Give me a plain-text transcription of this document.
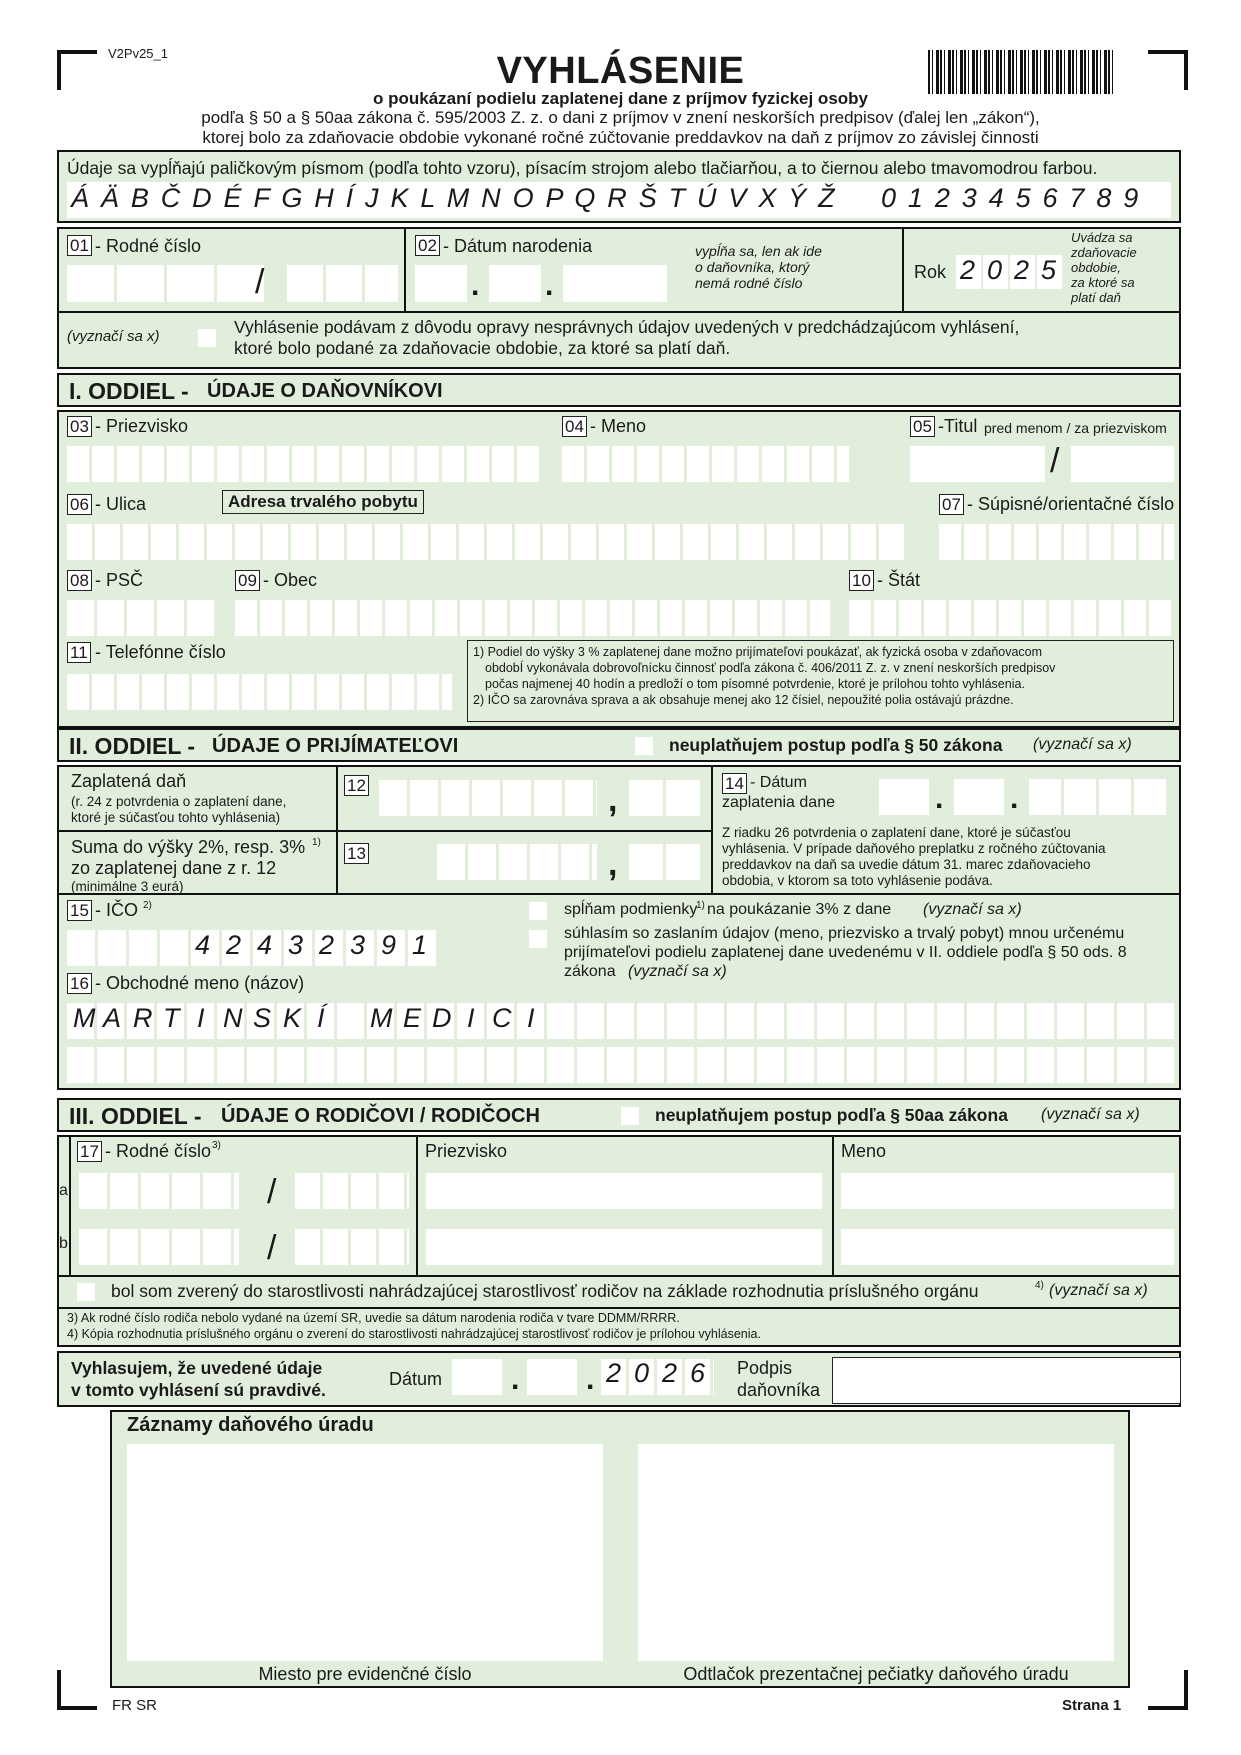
V2Pv25_1	VYHLÁSENIE
o poukázaní podielu zaplatenej dane z príjmov fyzickej osoby
podľa § 50 a § 50aa zákona č. 595/2003 Z. z. o dani z príjmov v znení neskorších predpisov (ďalej len „zákon“),
ktorej bolo za zdaňovacie obdobie vykonané ročné zúčtovanie preddavkov na daň z príjmov zo závislej činnosti
Údaje sa vypĺňajú paličkovým písmom (podľa tohto vzoru), písacím strojom alebo tlačiarňou, a to čiernou alebo tmavomodrou farbou.
Á Ä B Č D É F G H Í J K L M N O P Q R Š T Ú V X Ý Ž 0 1 2 3 4 5 6 7 8 9
01 - Rodné číslo
/
02 - Dátum narodenia
. .
vypĺňa sa, len ak ide
o daňovníka, ktorý
nemá rodné číslo
Rok 2 0 2 5
Uvádza sa
zdaňovacie
obdobie,
za ktoré sa
platí daň
(vyznačí sa x)	Vyhlásenie podávam z dôvodu opravy nesprávnych údajov uvedených v predchádzajúcom vyhlásení,
ktoré bolo podané za zdaňovacie obdobie, za ktoré sa platí daň.
I. ODDIEL - ÚDAJE O DAŇOVNÍKOVI
03 - Priezvisko	04 - Meno	05 -Titul pred menom / za priezviskom
/
06 - Ulica	Adresa trvalého pobytu	07 - Súpisné/orientačné číslo
08 - PSČ	09 - Obec	10 - Štát
11 - Telefónne číslo	1) Podiel do výšky 3 % zaplatenej dane možno prijímateľovi poukázať, ak fyzická osoba v zdaňovacom
obdobÍ vykonávala dobrovoľnícku činnosť podľa zákona č. 406/2011 Z. z. v znení neskorších predpisov
počas najmenej 40 hodín a predloží o tom písomné potvrdenie, ktoré je prílohou tohto vyhlásenia.
2) IČO sa zarovnáva sprava a ak obsahuje menej ako 12 čísiel, nepoužité polia ostávajú prázdne.
II. ODDIEL - ÚDAJE O PRIJÍMATEĽOVI	neuplatňujem postup podľa § 50 zákona (vyznačí sa x)
Zaplatená daň
(r. 24 z potvrdenia o zaplatení dane,
ktoré je súčasťou tohto vyhlásenia)
12	,
Suma do výšky 2%, resp. 3% 1)
zo zaplatenej dane z r. 12
(minimálne 3 eurá)
13	,
14 - Dátum
zaplatenia dane	. .
Z riadku 26 potvrdenia o zaplatení dane, ktoré je súčasťou
vyhlásenia. V prípade daňového preplatku z ročného zúčtovania
preddavkov na daň sa uvedie dátum 31. marec zdaňovacieho
obdobia, v ktorom sa toto vyhlásenie podáva.
15 - IČO 2)
4 2 4 3 2 3 9 1
spĺňam podmienky
1) na poukázanie 3% z dane (vyznačí sa x)
súhlasím so zaslaním údajov (meno, priezvisko a trvalý pobyt) mnou určenému
prijímateľovi podielu zaplatenej dane uvedenému v II. oddiele podľa § 50 ods. 8
zákona (vyznačí sa x)
16 - Obchodné meno (názov)
M A R T I N S K Í M E D I C I
III. ODDIEL - ÚDAJE O RODIČOVI / RODIČOCH	neuplatňujem postup podľa § 50aa zákona (vyznačí sa x)
17 - Rodné číslo 3)	Priezvisko	Meno
a
b
/
/
bol som zverený do starostlivosti nahrádzajúcej starostlivosť rodičov na základe rozhodnutia príslušného orgánu	4) (vyznačí sa x)
3) Ak rodné číslo rodiča nebolo vydané na území SR, uvedie sa dátum narodenia rodiča v tvare DDMM/RRRR.
4) Kópia rozhodnutia príslušného orgánu o zverení do starostlivosti nahrádzajúcej starostlivosť rodičov je prílohou vyhlásenia.
Vyhlasujem, že uvedené údaje
v tomto vyhlásení sú pravdivé.
Dátum . . 2 0 2 6 Podpis
daňovníka
Záznamy daňového úradu
Miesto pre evidenčné číslo	Odtlačok prezentačnej pečiatky daňového úradu
FR SR	Strana 1
